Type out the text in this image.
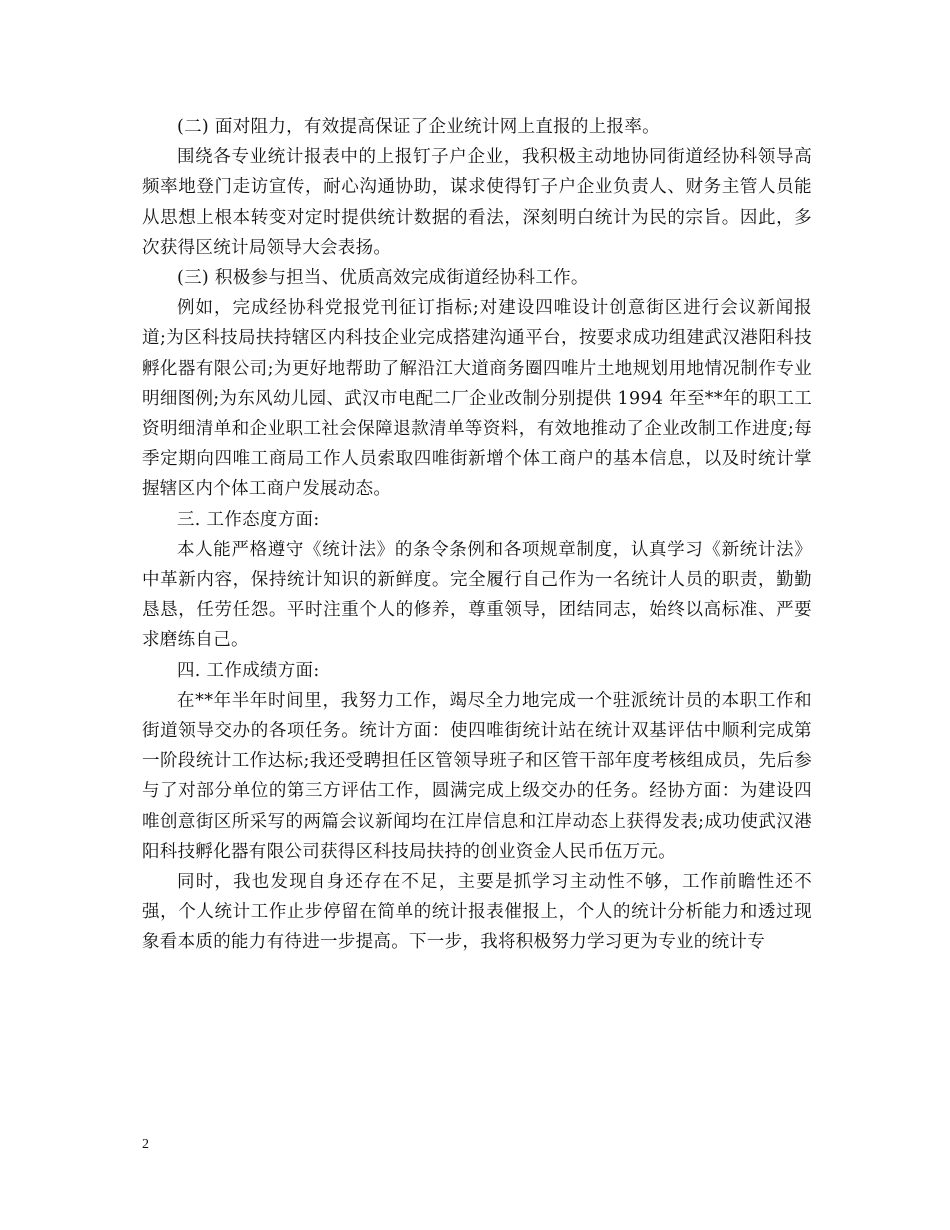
(二) 面对阻力，有效提高保证了企业统计网上直报的上报率。

围绕各专业统计报表中的上报钉子户企业，我积极主动地协同街道经协科领导高频率地登门走访宣传，耐心沟通协助，谋求使得钉子户企业负责人、财务主管人员能从思想上根本转变对定时提供统计数据的看法，深刻明白统计为民的宗旨。因此，多次获得区统计局领导大会表扬。

(三) 积极参与担当、优质高效完成街道经协科工作。

例如，完成经协科党报党刊征订指标;对建设四唯设计创意街区进行会议新闻报道;为区科技局扶持辖区内科技企业完成搭建沟通平台，按要求成功组建武汉港阳科技孵化器有限公司;为更好地帮助了解沿江大道商务圈四唯片土地规划用地情况制作专业明细图例;为东风幼儿园、武汉市电配二厂企业改制分别提供 1994 年至**年的职工工资明细清单和企业职工社会保障退款清单等资料，有效地推动了企业改制工作进度;每季定期向四唯工商局工作人员索取四唯街新增个体工商户的基本信息，以及时统计掌握辖区内个体工商户发展动态。

三. 工作态度方面:

本人能严格遵守《统计法》的条令条例和各项规章制度，认真学习《新统计法》中革新内容，保持统计知识的新鲜度。完全履行自己作为一名统计人员的职责，勤勤恳恳，任劳任怨。平时注重个人的修养，尊重领导，团结同志，始终以高标准、严要求磨练自己。

四. 工作成绩方面:

在**年半年时间里，我努力工作，竭尽全力地完成一个驻派统计员的本职工作和街道领导交办的各项任务。统计方面：使四唯街统计站在统计双基评估中顺利完成第一阶段统计工作达标;我还受聘担任区管领导班子和区管干部年度考核组成员，先后参与了对部分单位的第三方评估工作，圆满完成上级交办的任务。经协方面：为建设四唯创意街区所采写的两篇会议新闻均在江岸信息和江岸动态上获得发表;成功使武汉港阳科技孵化器有限公司获得区科技局扶持的创业资金人民币伍万元。

同时，我也发现自身还存在不足，主要是抓学习主动性不够，工作前瞻性还不强，个人统计工作止步停留在简单的统计报表催报上，个人的统计分析能力和透过现象看本质的能力有待进一步提高。下一步，我将积极努力学习更为专业的统计专

2
